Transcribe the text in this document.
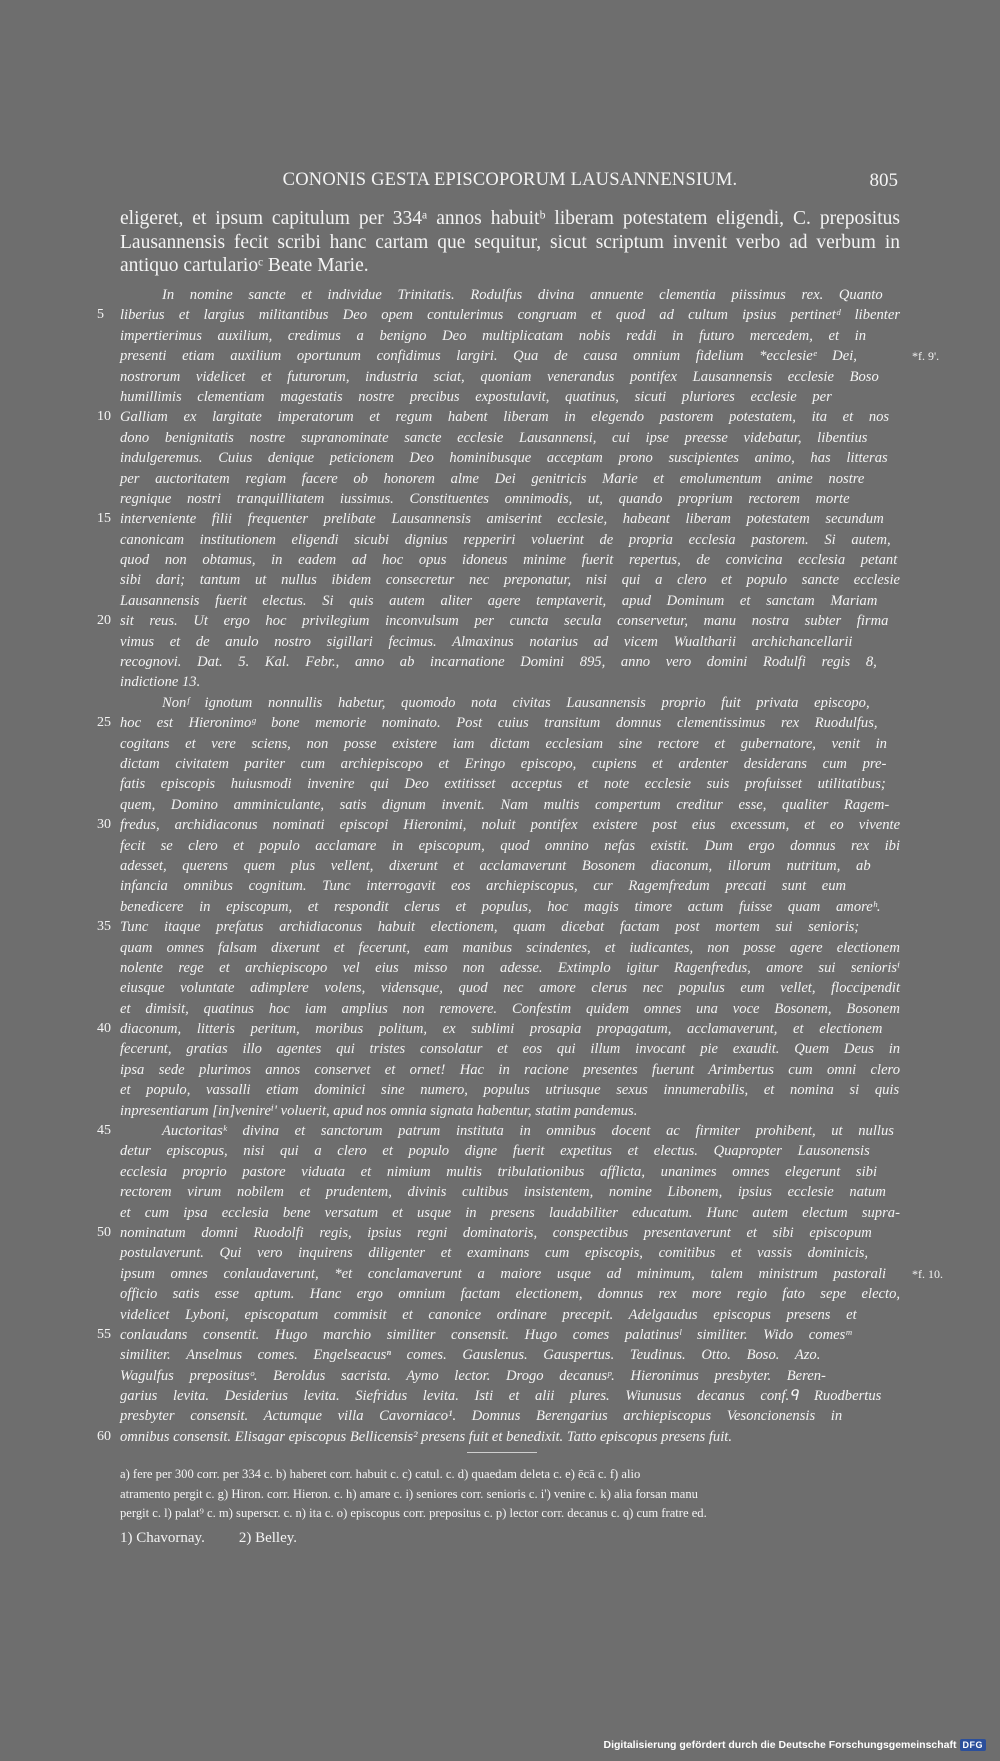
CONONIS GESTA EPISCOPORUM LAUSANNENSIUM.	805

eligeret, et ipsum capitulum per 334ᵃ annos habuitᵇ liberam potestatem eligendi, C. prepositus Lausannensis fecit scribi hanc cartam que sequitur, sicut scriptum invenit verbo ad verbum in antiquo cartularioᶜ Beate Marie.

In nomine sancte et individue Trinitatis. Rodulfus divina annuente clementia piissimus rex. Quanto
5	liberius et largius militantibus Deo opem contulerimus congruam et quod ad cultum ipsius pertinetᵈ libenter
impertierimus auxilium, credimus a benigno Deo multiplicatam nobis reddi in futuro mercedem, et in
presenti etiam auxilium oportunum confidimus largiri. Qua de causa omnium fidelium *ecclesieᵉ Dei,	*f. 9'.
nostrorum videlicet et futurorum, industria sciat, quoniam venerandus pontifex Lausannensis ecclesie Boso
humillimis clementiam magestatis nostre precibus expostulavit, quatinus, sicuti pluriores ecclesie per
10 Galliam ex largitate imperatorum et regum habent liberam in elegendo pastorem potestatem, ita et nos
dono benignitatis nostre supranominate sancte ecclesie Lausannensi, cui ipse preesse videbatur, libentius
indulgeremus. Cuius denique peticionem Deo hominibusque acceptam prono suscipientes animo, has litteras
per auctoritatem regiam facere ob honorem alme Dei genitricis Marie et emolumentum anime nostre
regnique nostri tranquillitatem iussimus. Constituentes omnimodis, ut, quando proprium rectorem morte
15 interveniente filii frequenter prelibate Lausannensis amiserint ecclesie, habeant liberam potestatem secundum
canonicam institutionem eligendi sicubi dignius repperiri voluerint de propria ecclesia pastorem. Si autem,
quod non obtamus, in eadem ad hoc opus idoneus minime fuerit repertus, de convicina ecclesia petant
sibi dari; tantum ut nullus ibidem consecretur nec preponatur, nisi qui a clero et populo sancte ecclesie
Lausannensis fuerit electus. Si quis autem aliter agere temptaverit, apud Dominum et sanctam Mariam
20 sit reus. Ut ergo hoc privilegium inconvulsum per cuncta secula conservetur, manu nostra subter firma
vimus et de anulo nostro sigillari fecimus. Almaxinus notarius ad vicem Wualtharii archichancellarii
recognovi. Dat. 5. Kal. Febr., anno ab incarnatione Domini 895, anno vero domini Rodulfi regis 8,
indictione 13.
Nonᶠ ignotum nonnullis habetur, quomodo nota civitas Lausannensis proprio fuit privata episcopo,
25 hoc est Hieronimoᵍ bone memorie nominato. Post cuius transitum domnus clementissimus rex Ruodulfus,
cogitans et vere sciens, non posse existere iam dictam ecclesiam sine rectore et gubernatore, venit in
dictam civitatem pariter cum archiepiscopo et Eringo episcopo, cupiens et ardenter desiderans cum pre-
fatis episcopis huiusmodi invenire qui Deo extitisset acceptus et note ecclesie suis profuisset utilitatibus;
quem, Domino amminiculante, satis dignum invenit. Nam multis compertum creditur esse, qualiter Ragem-
30 fredus, archidiaconus nominati episcopi Hieronimi, noluit pontifex existere post eius excessum, et eo vivente
fecit se clero et populo acclamare in episcopum, quod omnino nefas existit. Dum ergo domnus rex ibi
adesset, querens quem plus vellent, dixerunt et acclamaverunt Bosonem diaconum, illorum nutritum, ab
infancia omnibus cognitum. Tunc interrogavit eos archiepiscopus, cur Ragemfredum precati sunt eum
benedicere in episcopum, et respondit clerus et populus, hoc magis timore actum fuisse quam amoreʰ.
35 Tunc itaque prefatus archidiaconus habuit electionem, quam dicebat factam post mortem sui senioris;
quam omnes falsam dixerunt et fecerunt, eam manibus scindentes, et iudicantes, non posse agere electionem
nolente rege et archiepiscopo vel eius misso non adesse. Extimplo igitur Ragenfredus, amore sui seniorisⁱ
eiusque voluntate adimplere volens, vidensque, quod nec amore clerus nec populus eum vellet, floccipendit
et dimisit, quatinus hoc iam amplius non removere. Confestim quidem omnes una voce Bosonem, Bosonem
40 diaconum, litteris peritum, moribus politum, ex sublimi prosapia propagatum, acclamaverunt, et electionem
fecerunt, gratias illo agentes qui tristes consolatur et eos qui illum invocant pie exaudit. Quem Deus in
ipsa sede plurimos annos conservet et ornet! Hac in racione presentes fuerunt Arimbertus cum omni clero
et populo, vassalli etiam dominici sine numero, populus utriusque sexus innumerabilis, et nomina si quis
inpresentiarum [in]venireⁱ' voluerit, apud nos omnia signata habentur, statim pandemus.
45	Auctoritasᵏ divina et sanctorum patrum instituta in omnibus docent ac firmiter prohibent, ut nullus
detur episcopus, nisi qui a clero et populo digne fuerit expetitus et electus. Quapropter Lausonensis
ecclesia proprio pastore viduata et nimium multis tribulationibus afflicta, unanimes omnes elegerunt sibi
rectorem virum nobilem et prudentem, divinis cultibus insistentem, nomine Libonem, ipsius ecclesie natum
et cum ipsa ecclesia bene versatum et usque in presens laudabiliter educatum. Hunc autem electum supra-
50 nominatum domni Ruodolfi regis, ipsius regni dominatoris, conspectibus presentaverunt et sibi episcopum
postulaverunt. Qui vero inquirens diligenter et examinans cum episcopis, comitibus et vassis dominicis,
ipsum omnes conlaudaverunt, *et conclamaverunt a maiore usque ad minimum, talem ministrum pastorali *f. 10.
officio satis esse aptum. Hanc ergo omnium factam electionem, domnus rex more regio fato sepe electo,
videlicet Lyboni, episcopatum commisit et canonice ordinare precepit. Adelgaudus episcopus presens et
55 conlaudans consentit. Hugo marchio similiter consensit. Hugo comes palatinusˡ similiter. Wido comesᵐ
similiter. Anselmus comes. Engelseacusⁿ comes. Gauslenus. Gauspertus. Teudinus. Otto. Boso. Azo.
Wagulfus prepositusᵒ. Beroldus sacrista. Aymo lector. Drogo decanusᵖ. Hieronimus presbyter. Beren-
garius levita. Desiderius levita. Siefridus levita. Isti et alii plures. Wiunusus decanus conf.ᑫ Ruodbertus
presbyter consensit. Actumque villa Cavorniaco¹. Domnus Berengarius archiepiscopus Vesoncionensis in
60 omnibus consensit. Elisagar episcopus Bellicensis² presens fuit et benedixit. Tatto episcopus presens fuit.
a) fere per 300 corr. per 334 c. b) haberet corr. habuit c. c) catul. c. d) quaedam deleta c. e) ēcā c. f) alio
atramento pergit c. g) Hiron. corr. Hieron. c. h) amare c. i) seniores corr. senioris c. i') venire c. k) alia forsan manu
pergit c. l) palat⁹ c. m) superscr. c. n) ita c. o) episcopus corr. prepositus c. p) lector corr. decanus c. q) cum fratre ed.
1) Chavornay. 2) Belley.
Digitalisierung gefördert durch die Deutsche Forschungsgemeinschaft DFG
